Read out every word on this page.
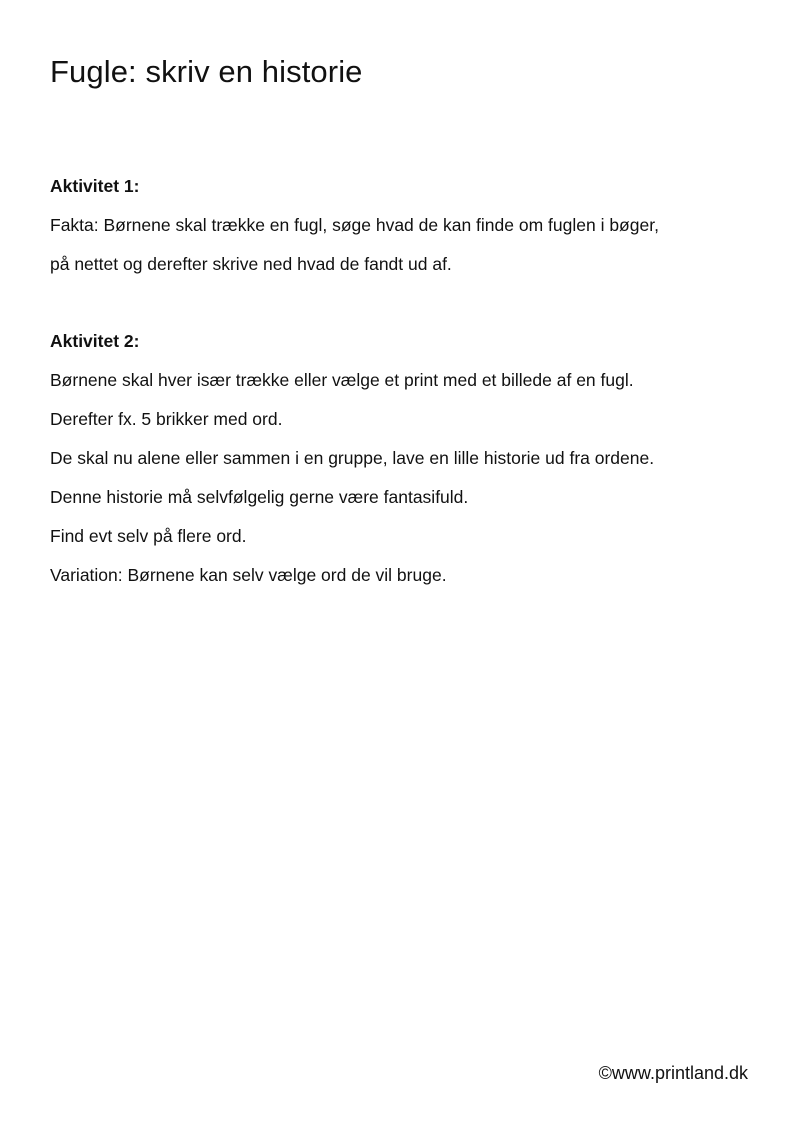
Fugle: skriv en historie

Aktivitet 1:

Fakta: Børnene skal trække en fugl, søge hvad de kan finde om fuglen i bøger,
på nettet og derefter skrive ned hvad de fandt ud af.

Aktivitet 2:

Børnene skal hver især trække eller vælge et print med et billede af en fugl.
Derefter fx. 5 brikker med ord.
De skal nu alene eller sammen i en gruppe, lave en lille historie ud fra ordene.
Denne historie må selvfølgelig gerne være fantasifuld.
Find evt selv på flere ord.
Variation: Børnene kan selv vælge ord de vil bruge.
©www.printland.dk
